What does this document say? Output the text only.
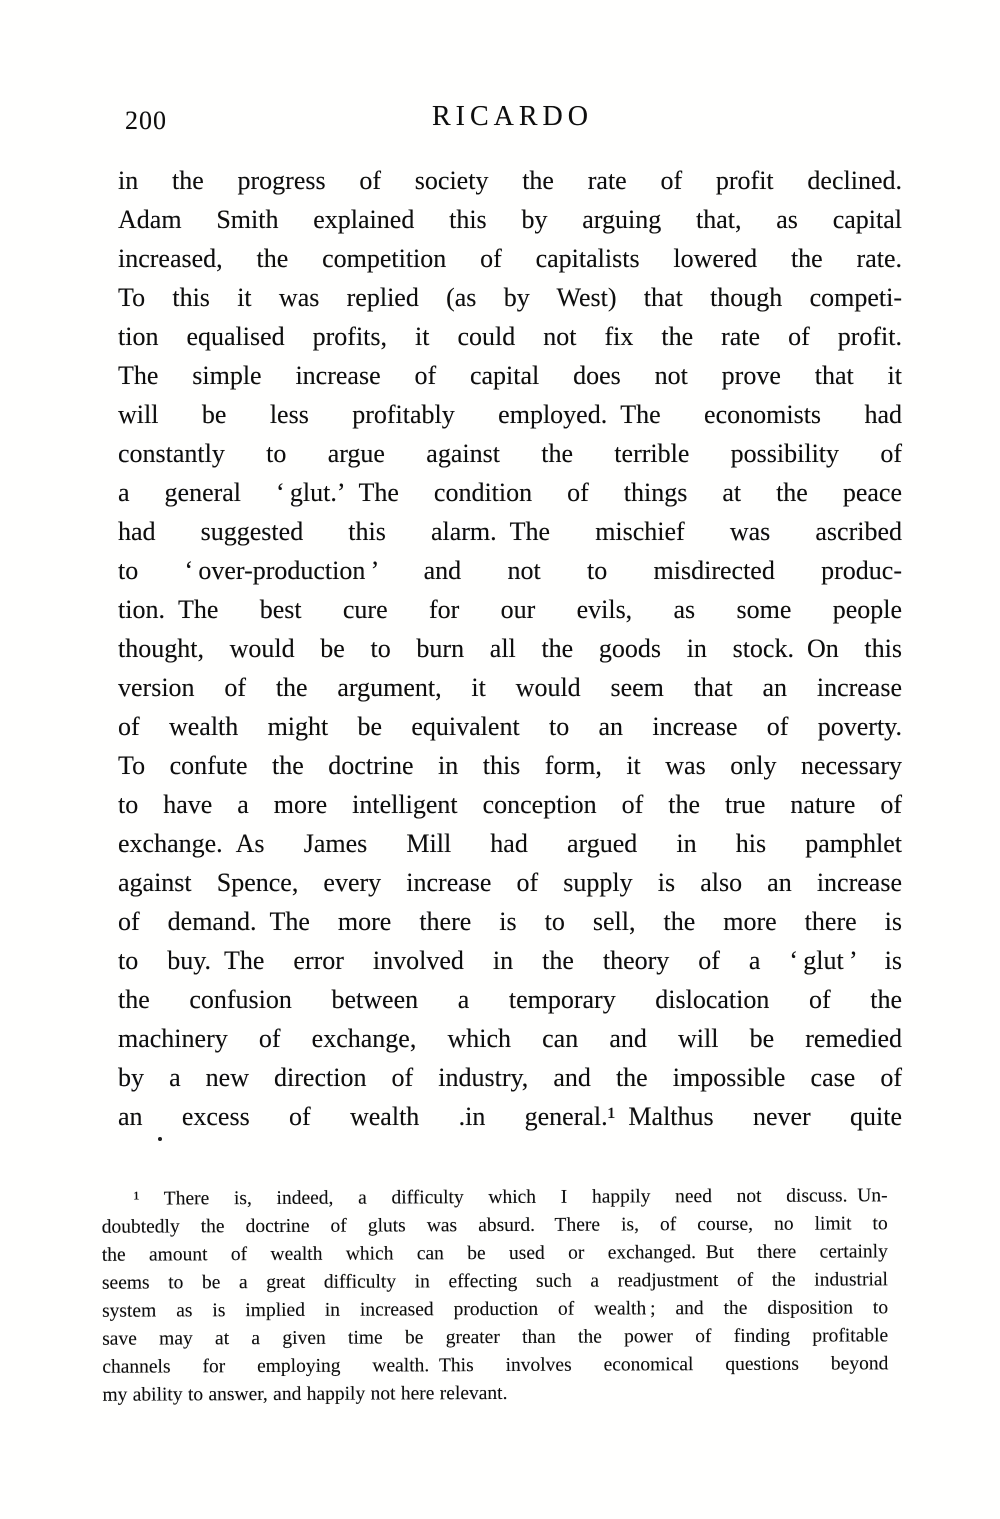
200	RICARDO
in the progress of society the rate of profit declined.
Adam Smith explained this by arguing that, as capital
increased, the competition of capitalists lowered the rate.
To this it was replied (as by West) that though competi-
tion equalised profits, it could not fix the rate of profit.
The simple increase of capital does not prove that it
will be less profitably employed. The economists had
constantly to argue against the terrible possibility of
a general ‘ glut.’ The condition of things at the peace
had suggested this alarm. The mischief was ascribed
to ‘ over-production ’ and not to misdirected produc-
tion. The best cure for our evils, as some people
thought, would be to burn all the goods in stock. On this
version of the argument, it would seem that an increase
of wealth might be equivalent to an increase of poverty.
To confute the doctrine in this form, it was only necessary
to have a more intelligent conception of the true nature of
exchange. As James Mill had argued in his pamphlet
against Spence, every increase of supply is also an increase
of demand. The more there is to sell, the more there is
to buy. The error involved in the theory of a ‘ glut ’ is
the confusion between a temporary dislocation of the
machinery of exchange, which can and will be remedied
by a new direction of industry, and the impossible case of
an excess of wealth .in general.¹ Malthus never quite
¹ There is, indeed, a difficulty which I happily need not discuss. Un-
doubtedly the doctrine of gluts was absurd. There is, of course, no limit to
the amount of wealth which can be used or exchanged. But there certainly
seems to be a great difficulty in effecting such a readjustment of the industrial
system as is implied in increased production of wealth ; and the disposition to
save may at a given time be greater than the power of finding profitable
channels for employing wealth. This involves economical questions beyond
my ability to answer, and happily not here relevant.
